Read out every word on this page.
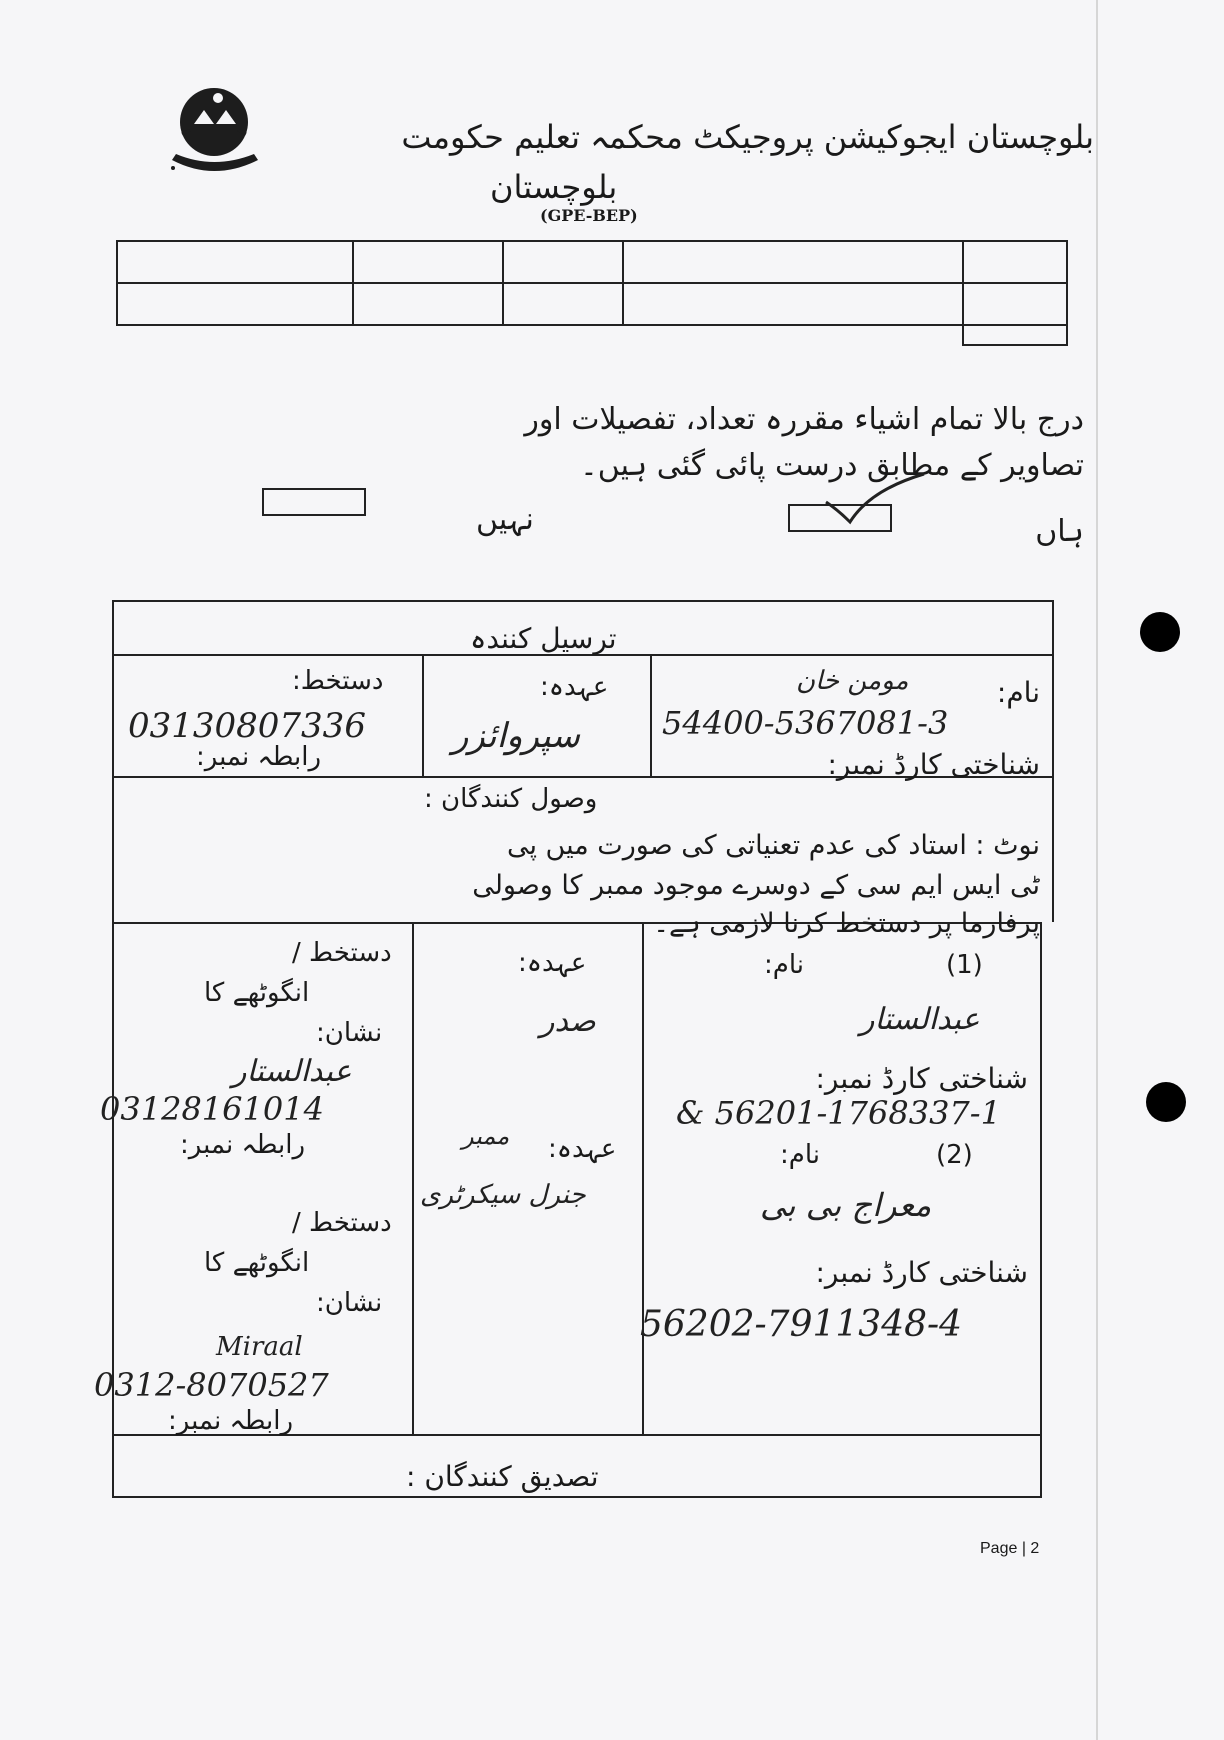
بلوچستان ایجوکیشن پروجیکٹ محکمہ تعلیم حکومت
بلوچستان
(GPE-BEP)
درج بالا تمام اشیاء مقررہ تعداد، تفصیلات اور
تصاویر کے مطابق درست پائی گئی ہیں۔
ہاں
نہیں
ترسیل کنندہ
نام:
مومن خان
54400-5367081-3
شناختی کارڈ نمبر:
عہدہ:
سپروائزر
دستخط:
03130807336
رابطہ نمبر:
وصول کنندگان :
نوٹ : استاد کی عدم تعنیاتی کی صورت میں پی
ٹی ایس ایم سی کے دوسرے موجود ممبر کا وصولی
پرفارما پر دستخط کرنا لازمی ہے۔
(1)
نام:
عبدالستار
شناختی کارڈ نمبر:
& 56201-1768337-1
عہدہ:
صدر
دستخط /
انگوٹھے کا
نشان:
عبدالستار
03128161014
رابطہ نمبر:	(2)
نام:
معراج بی بی
شناختی کارڈ نمبر:
56202-7911348-4
عہدہ:
ممبر
جنرل سیکرٹری
دستخط /
انگوٹھے کا
نشان:
Miraal
0312-8070527
رابطہ نمبر:
تصدیق کنندگان :
Page | 2
